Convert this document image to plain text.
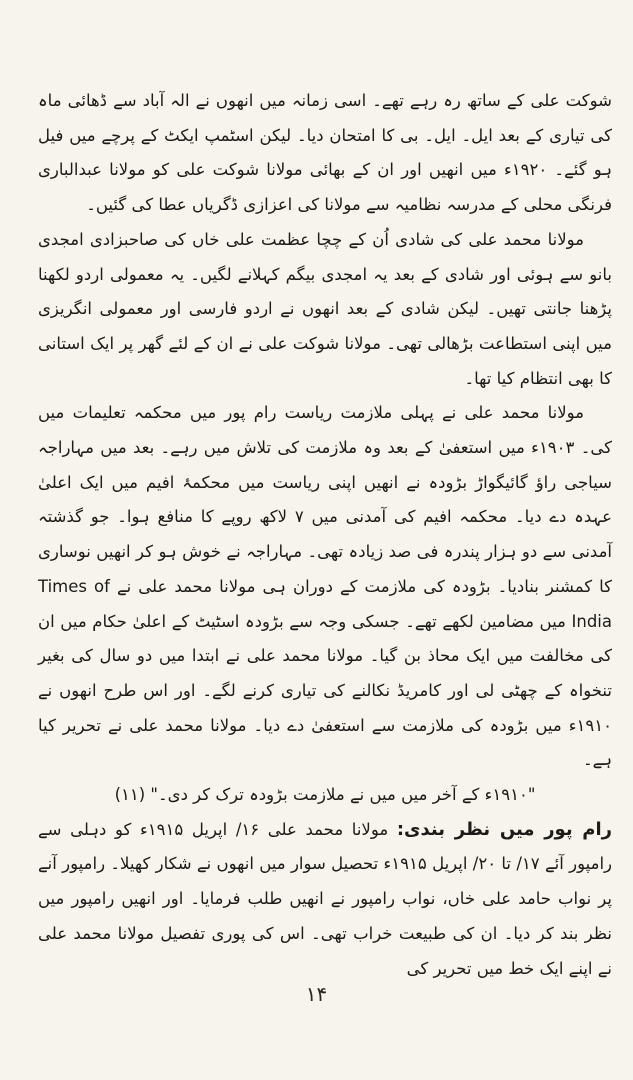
شوکت علی کے ساتھ رہ رہے تھے۔ اسی زمانہ میں انھوں نے الہ آباد سے ڈھائی ماہ کی تیاری کے بعد ایل۔ ایل۔ بی کا امتحان دیا۔ لیکن اسٹمپ ایکٹ کے پرچے میں فیل ہو گئے۔ ۱۹۲۰ء میں انھیں اور ان کے بھائی مولانا شوکت علی کو مولانا عبدالباری فرنگی محلی کے مدرسہ نظامیہ سے مولانا کی اعزازی ڈگریاں عطا کی گئیں۔

مولانا محمد علی کی شادی اُن کے چچا عظمت علی خاں کی صاحبزادی امجدی بانو سے ہوئی اور شادی کے بعد یہ امجدی بیگم کہلانے لگیں۔ یہ معمولی اردو لکھنا پڑھنا جانتی تھیں۔ لیکن شادی کے بعد انھوں نے اردو فارسی اور معمولی انگریزی میں اپنی استطاعت بڑھالی تھی۔ مولانا شوکت علی نے ان کے لئے گھر پر ایک استانی کا بھی انتظام کیا تھا۔

مولانا محمد علی نے پہلی ملازمت ریاست رام پور میں محکمہ تعلیمات میں کی۔ ۱۹۰۳ء میں استعفیٰ کے بعد وہ ملازمت کی تلاش میں رہے۔ بعد میں مہاراجہ سیاجی راؤ گائیگواڑ بڑودہ نے انھیں اپنی ریاست میں محکمۂ افیم میں ایک اعلیٰ عہدہ دے دیا۔ محکمہ افیم کی آمدنی میں ۷ لاکھ روپے کا منافع ہوا۔ جو گذشتہ آمدنی سے دو ہزار پندرہ فی صد زیادہ تھی۔ مہاراجہ نے خوش ہو کر انھیں نوساری کا کمشنر بنادیا۔ بڑودہ کی ملازمت کے دوران ہی مولانا محمد علی نے Times of India میں مضامین لکھے تھے۔ جسکی وجہ سے بڑودہ اسٹیٹ کے اعلیٰ حکام میں ان کی مخالفت میں ایک محاذ بن گیا۔ مولانا محمد علی نے ابتدا میں دو سال کی بغیر تنخواہ کے چھٹی لی اور کامریڈ نکالنے کی تیاری کرنے لگے۔ اور اس طرح انھوں نے ۱۹۱۰ء میں بڑودہ کی ملازمت سے استعفیٰ دے دیا۔ مولانا محمد علی نے تحریر کیا ہے۔

"۱۹۱۰ء کے آخر میں میں نے ملازمت بڑودہ ترک کر دی۔" (۱۱)

رام پور میں نظر بندی: مولانا محمد علی ۱۶/ اپریل ۱۹۱۵ء کو دہلی سے رامپور آئے ۱۷/ تا ۲۰/ اپریل ۱۹۱۵ء تحصیل سوار میں انھوں نے شکار کھیلا۔ رامپور آنے پر نواب حامد علی خاں، نواب رامپور نے انھیں طلب فرمایا۔ اور انھیں رامپور میں نظر بند کر دیا۔ ان کی طبیعت خراب تھی۔ اس کی پوری تفصیل مولانا محمد علی نے اپنے ایک خط میں تحریر کی

۱۴
